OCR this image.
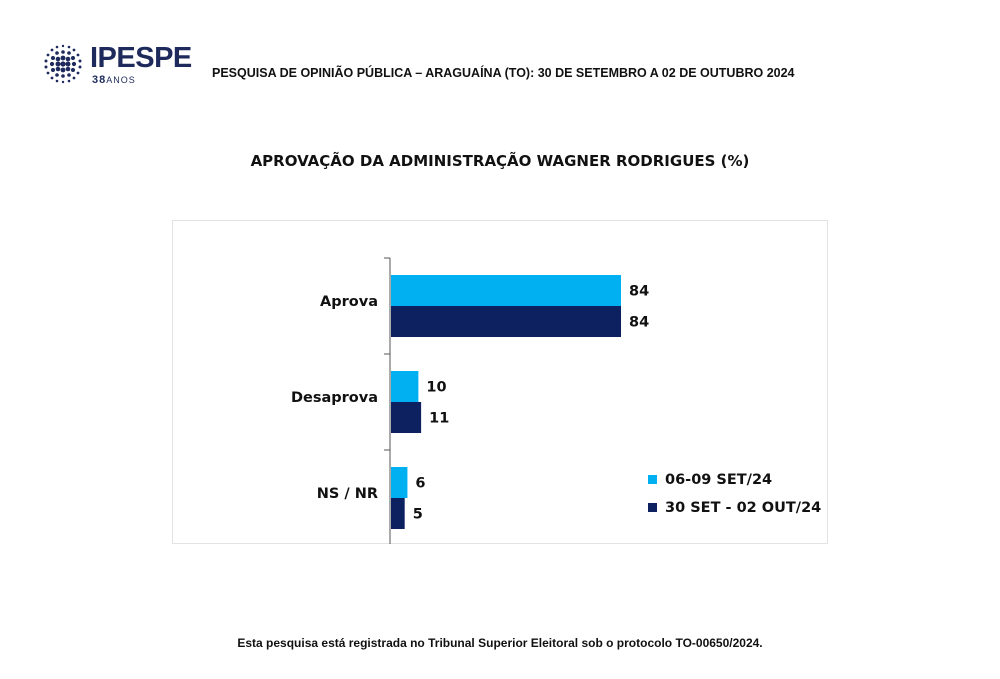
IPESPE
38ANOS	PESQUISA DE OPINIÃO PÚBLICA – ARAGUAÍNA (TO): 30 DE SETEMBRO A 02 DE OUTUBRO 2024
APROVAÇÃO DA ADMINISTRAÇÃO WAGNER RODRIGUES (%)
Aprova
84
84
Desaprova
10
11
NS / NR
6
5
06-09 SET/24
30 SET - 02 OUT/24
Esta pesquisa está registrada no Tribunal Superior Eleitoral sob o protocolo TO-00650/2024.
